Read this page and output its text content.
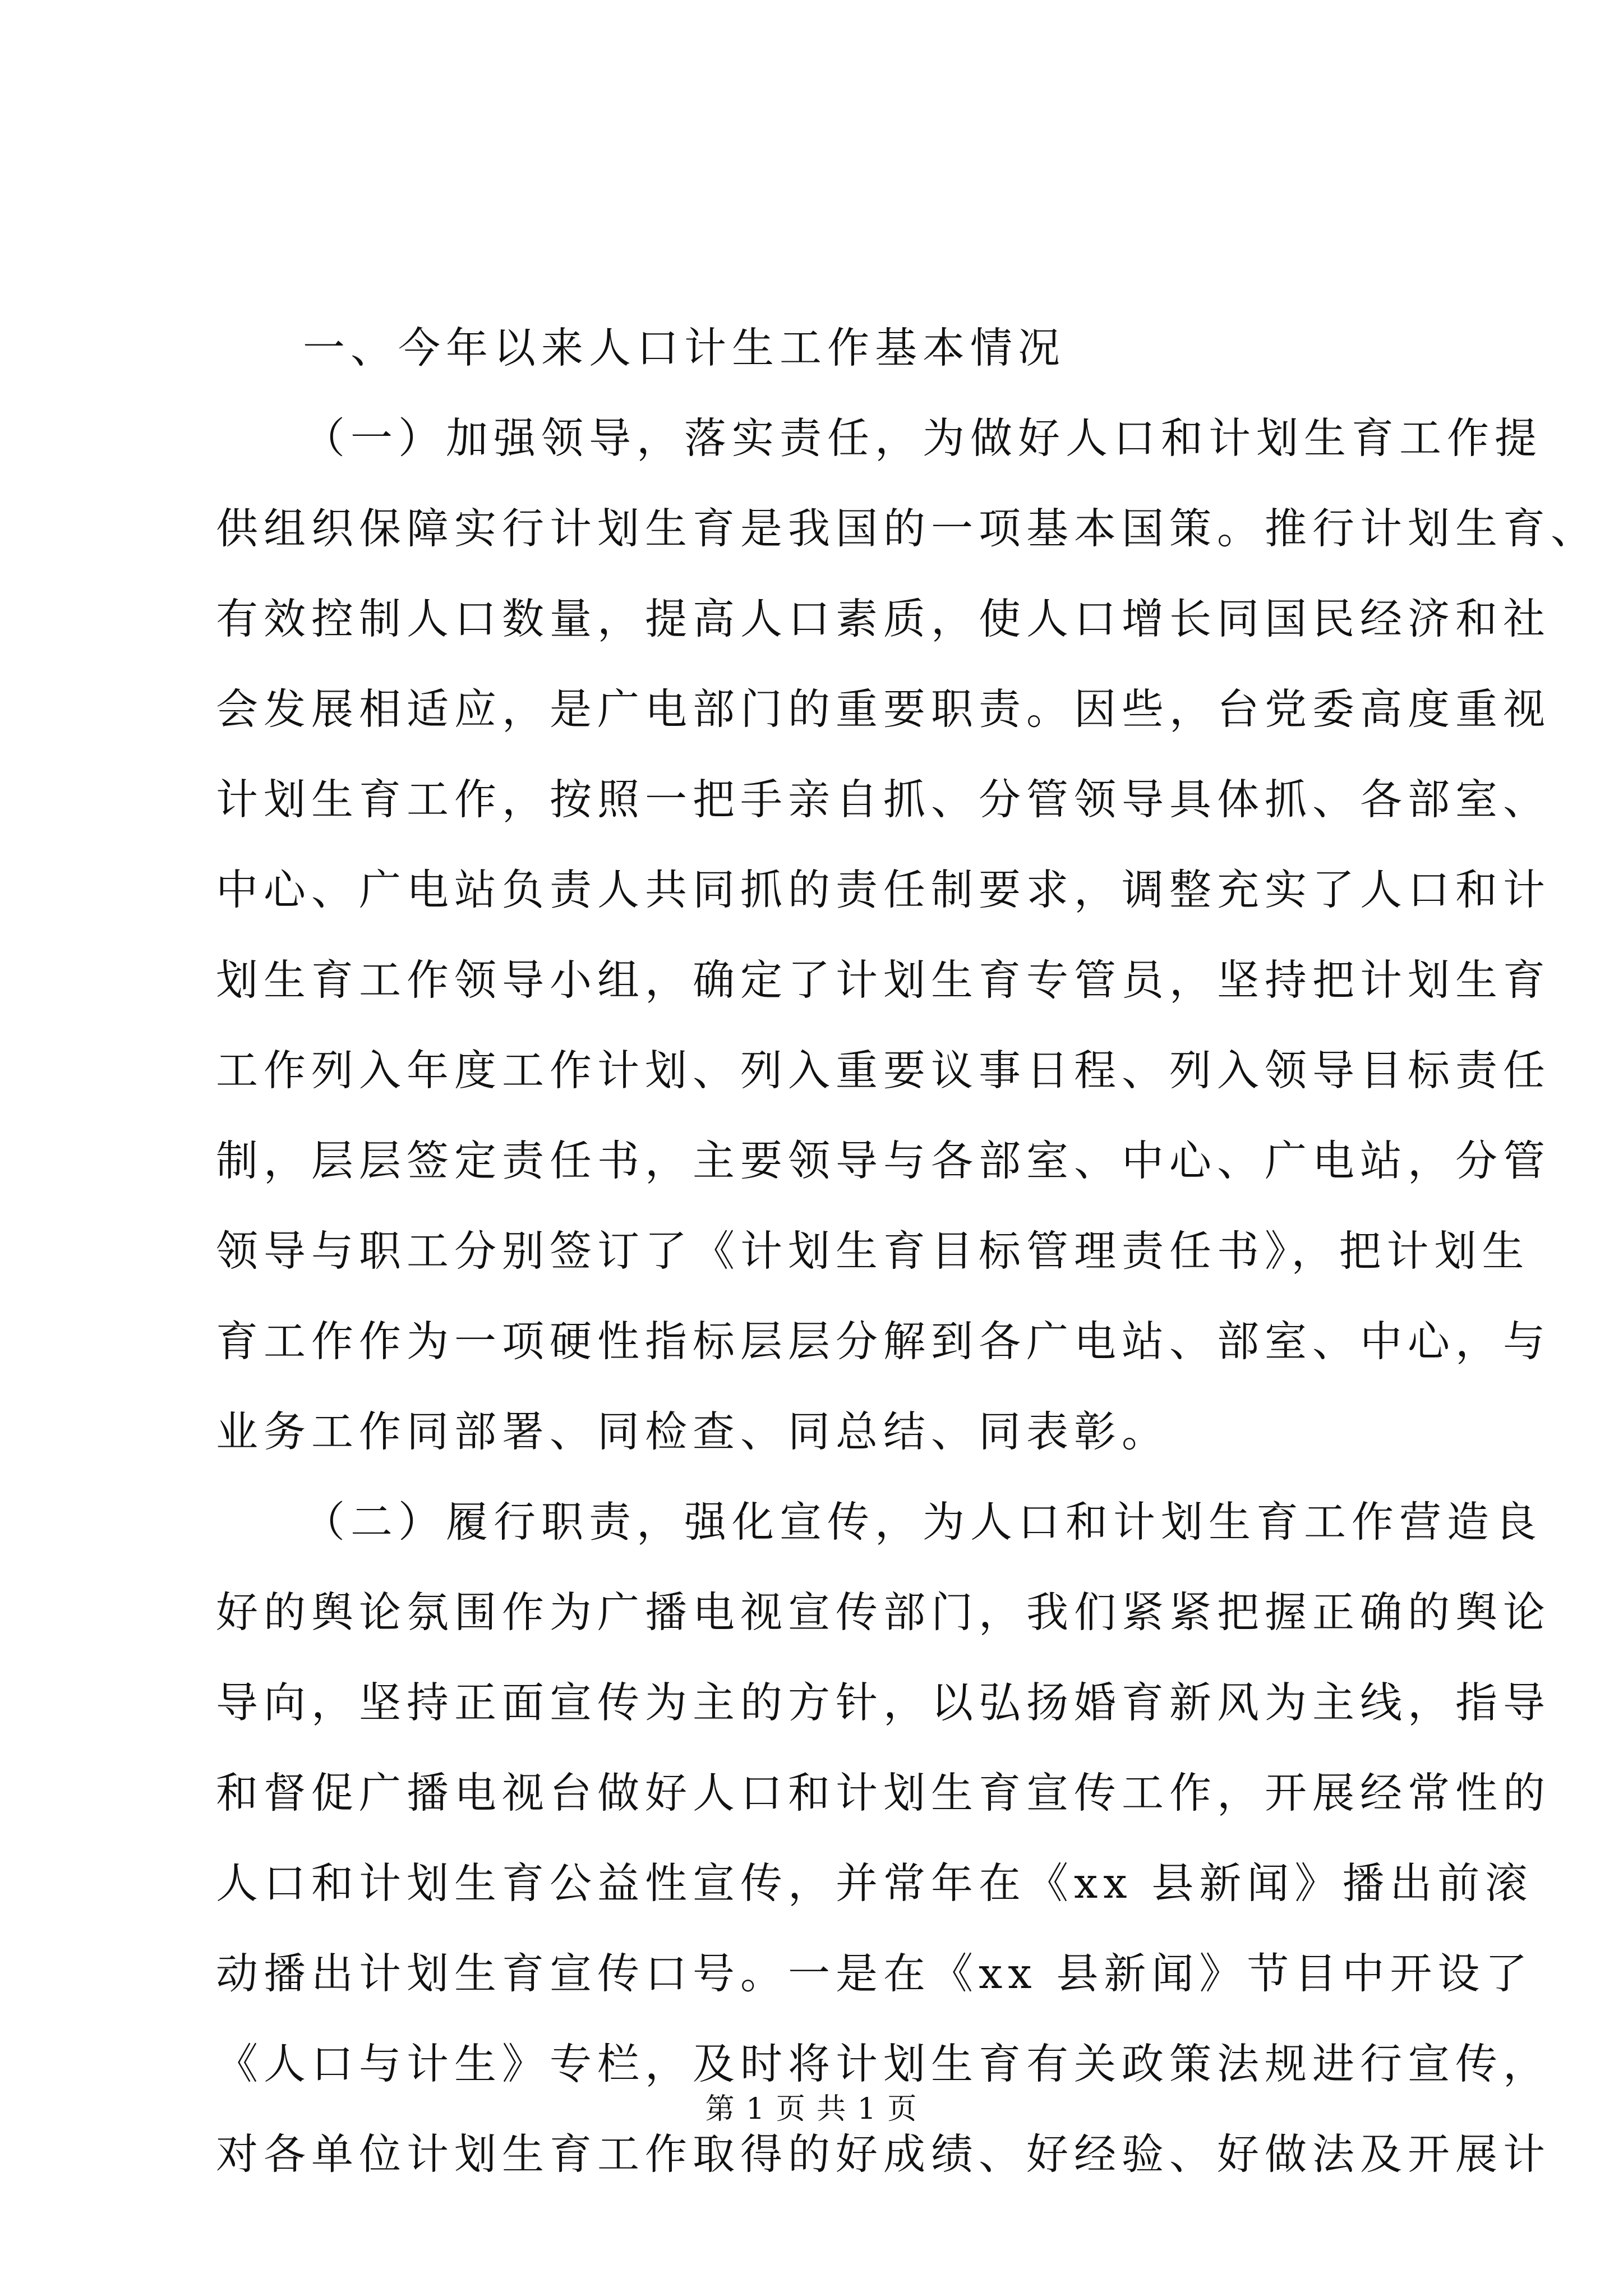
一、今年以来人口计生工作基本情况
（一）加强领导，落实责任，为做好人口和计划生育工作提
供组织保障实行计划生育是我国的一项基本国策。推行计划生育、
有效控制人口数量，提高人口素质，使人口增长同国民经济和社
会发展相适应，是广电部门的重要职责。因些，台党委高度重视
计划生育工作，按照一把手亲自抓、分管领导具体抓、各部室、
中心、广电站负责人共同抓的责任制要求，调整充实了人口和计
划生育工作领导小组，确定了计划生育专管员，坚持把计划生育
工作列入年度工作计划、列入重要议事日程、列入领导目标责任
制，层层签定责任书，主要领导与各部室、中心、广电站，分管
领导与职工分别签订了《计划生育目标管理责任书》，把计划生
育工作作为一项硬性指标层层分解到各广电站、部室、中心，与
业务工作同部署、同检查、同总结、同表彰。
（二）履行职责，强化宣传，为人口和计划生育工作营造良
好的舆论氛围作为广播电视宣传部门，我们紧紧把握正确的舆论
导向，坚持正面宣传为主的方针，以弘扬婚育新风为主线，指导
和督促广播电视台做好人口和计划生育宣传工作，开展经常性的
人口和计划生育公益性宣传，并常年在《xx 县新闻》播出前滚
动播出计划生育宣传口号。一是在《xx 县新闻》节目中开设了
《人口与计生》专栏，及时将计划生育有关政策法规进行宣传，
对各单位计划生育工作取得的好成绩、好经验、好做法及开展计
第 1 页 共 1 页
